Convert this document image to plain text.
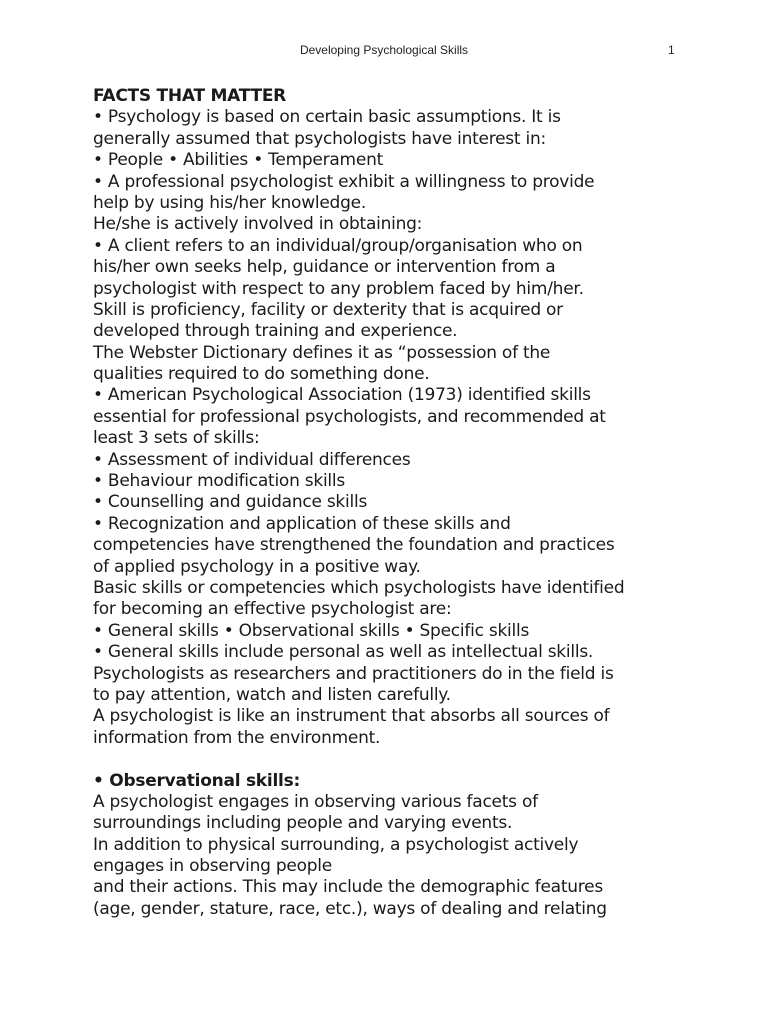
Developing Psychological Skills	1
FACTS THAT MATTER
• Psychology is based on certain basic assumptions. It is
generally assumed that psychologists have interest in:
• People • Abilities • Temperament
• A professional psychologist exhibit a willingness to provide
help by using his/her knowledge.
He/she is actively involved in obtaining:
• A client refers to an individual/group/organisation who on
his/her own seeks help, guidance or intervention from a
psychologist with respect to any problem faced by him/her.
Skill is proficiency, facility or dexterity that is acquired or
developed through training and experience.
The Webster Dictionary defines it as “possession of the
qualities required to do something done.
• American Psychological Association (1973) identified skills
essential for professional psychologists, and recommended at
least 3 sets of skills:
• Assessment of individual differences
• Behaviour modification skills
• Counselling and guidance skills
• Recognization and application of these skills and
competencies have strengthened the foundation and practices
of applied psychology in a positive way.
Basic skills or competencies which psychologists have identified
for becoming an effective psychologist are:
• General skills • Observational skills • Specific skills
• General skills include personal as well as intellectual skills.
Psychologists as researchers and practitioners do in the field is
to pay attention, watch and listen carefully.
A psychologist is like an instrument that absorbs all sources of
information from the environment.
• Observational skills:
A psychologist engages in observing various facets of
surroundings including people and varying events.
In addition to physical surrounding, a psychologist actively
engages in observing people
and their actions. This may include the demographic features
(age, gender, stature, race, etc.), ways of dealing and relating
